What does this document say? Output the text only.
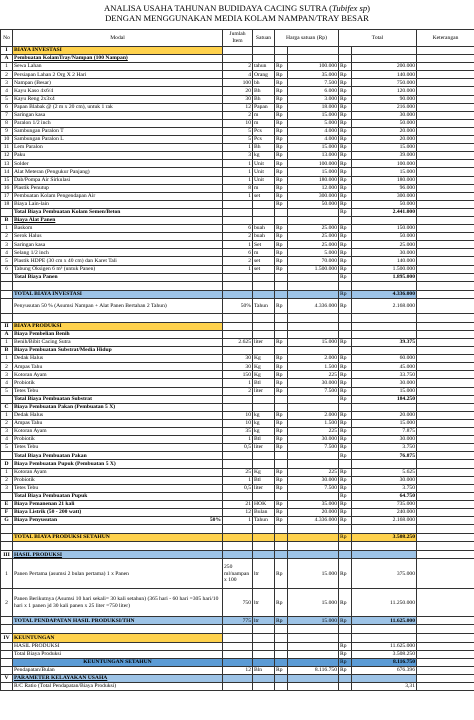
ANALISA USAHA TAHUNAN BUDIDAYA CACING SUTRA (Tubifex sp)
DENGAN MENGGUNAKAN MEDIA KOLAM NAMPAN/TRAY BESAR
No	Modal	Jumlah Item	Satuan	Harga satuan (Rp)		Total		Keterangan
I	BIAYA INVESTASI							
A	Pembuatan KolamTray/Nampan (100 Nampan)							
1	Sewa Lahan	2	tahun	Rp	100.000	Rp	200.000	
2	Persiapan Lahan 2 Org X 2 Hari	4	Orang	Rp	35.000	Rp	140.000	
3	Nampan (Besar)	100	bh	Rp	7.500	Rp	750.000	
4	Kayu Kaso 4x6/4	20	Bh	Rp	6.000	Rp	120.000	
5	Kayu Reng 2x3x4	30	Bh	Rp	3.000	Rp	90.000	
6	Papan Blabak @ (2 m x 20 cm), untuk 1 rak	12	Papan	Rp	18.000	Rp	216.000	
7	Saringan kasa	2	m	Rp	15.000	Rp	30.000	
8	Paralon 1/2 inch	10	m	Rp	5.000	Rp	50.000	
9	Sambungan Paralon T	5	Pcs	Rp	4.000	Rp	20.000	
10	Sambungan Paralon L	5	Pcs	Rp	4.000	Rp	20.000	
11	Lem Paralon	1	Bh	Rp	15.000	Rp	15.000	
12	Paku	3	kg	Rp	13.000	Rp	39.000	
13	Solder	1	Unit	Rp	100.000	Rp	100.000	
14	Alat Meteran (Pengukur Panjang)	1	Unit	Rp	15.000	Rp	15.000	
15	Dab/Pompa Air Sirkulasi	1	Unit	Rp	180.000	Rp	180.000	
16	Plastik Penutup	8	m	Rp	12.000	Rp	96.000	
17	Pembuatan Kolam Pengendapan Air	1	set	Rp	300.000	Rp	300.000	
18	Biaya Lain-lain			Rp	50.000	Rp	50.000	
	Total Biaya Pembuatan Kolam Semen/Beton					Rp	2.441.000	
B	Biaya Alat Panen							
1	Baskom	6	buah	Rp	25.000	Rp	150.000	
2	Serok Halus	2	buah	Rp	25.000	Rp	50.000	
3	Saringan kasa	1	Set	Rp	25.000	Rp	25.000	
4	Selang 1/2 inch	6	m	Rp	5.000	Rp	30.000	
5	Plastik HDPE (30 cm x 40 cm) dan Karet Tali	2	set	Rp	70.000	Rp	140.000	
6	Tabung Oksigen 6 m³ (untuk Panen)	1	set	Rp	1.500.000	Rp	1.500.000	
	Total Biaya Panen					Rp	1.895.000	

	TOTAL BIAYA INVESTASI					Rp	4.336.000	
	Penyusutan 50 % (Asumsi Nampan + Alat Panen Bertahan 2 Tahun)	50%	Tahun	Rp	4.336.000	Rp	2.168.000	

II	BIAYA PRODUKSI							
A	Biaya Pembelian Benih							
1	Benih/Bibit Cacing Sutra	2.625	liter	Rp	15.000	Rp	39.375	
B	Biaya Pembuatan Substrat/Media Hidup							
1	Dedak Halus	30	Kg	Rp	2.000	Rp	60.000	
2	Ampas Tahu	30	Kg	Rp	1.500	Rp	45.000	
3	Kotoran Ayam	150	Kg	Rp	225	Rp	33.750	
4	Probiotik	1	Btl	Rp	30.000	Rp	30.000	
5	Tetes Tebu	2	liter	Rp	7.500	Rp	15.000	
	Total Biaya Pembuatan Substrat					Rp	184.250	
C	Biaya Pembuatan Pakan (Pembuatan 5 X)							
1	Dedak Halus	10	kg	Rp	2.000	Rp	20.000	
2	Ampas Tahu	10	kg	Rp	1.500	Rp	15.000	
3	Kotoran Ayam	35	kg	Rp	225	Rp	7.875	
4	Probiotik	1	Btl	Rp	30.000	Rp	30.000	
5	Tetes Tebu	0,5	liter	Rp	7.500	Rp	3.750	
	Total Biaya Pembuatan Pakan					Rp	76.875	
D	Biaya Pembuatan Pupuk (Pembuatan 5 X)							
1	Kotoran Ayam	25	Kg	Rp	225	Rp	5.625	
2	Probiotik	1	Btl	Rp	30.000	Rp	30.000	
3	Tetes Tebu	0,5	liter	Rp	7.500	Rp	3.750	
	Total Biaya Pembuatan Pupuk					Rp	64.750	
E	Biaya Pemanenan 21 kali	21	HOK	Rp	35.000	Rp	735.000	
F	Biaya Listrik (50 - 200 watt)	12	Bulan	Rp	20.000	Rp	240.000	
G	Biaya Penyusutan 50%	1	Tahun	Rp	4.336.000	Rp	2.168.000	

	TOTAL BIAYA PRODUKSI SETAHUN					Rp	3.508.250	

III	HASIL PRODUKSI							
1	Panen Pertama (asumsi 2 bulan pertama) 1 x Panen	250 ml/nampan x 100	ltr	Rp	15.000	Rp	375.000	
2	Panen Berikutnya (Asumsi 10 hari sekali= 30 kali setahun) (365 hari - 60 hari =305 hari/10 hari x 1 panen jd 30 kali panen x 25 liter =750 liter)	750	ltr	Rp	15.000	Rp	11.250.000	
	TOTAL PENDAPATAN HASIL PRODUKSI/THN	775	ltr	Rp	15.000	Rp	11.625.000	

IV	KEUNTUNGAN							
	HASIL PRODUKSI					Rp	11.625.000	
	Total Biaya Produksi					Rp	3.508.250	
	KEUNTUNGAN SETAHUN					Rp	8.116.750	
	Pendapatan/Bulan	12	Bln	Rp	8.116.750	Rp	676.396	
V	PARAMETER KELAYAKAN USAHA							
	R/C Ratio (Total Pendapatan/Biaya Produksi)						3,31	
